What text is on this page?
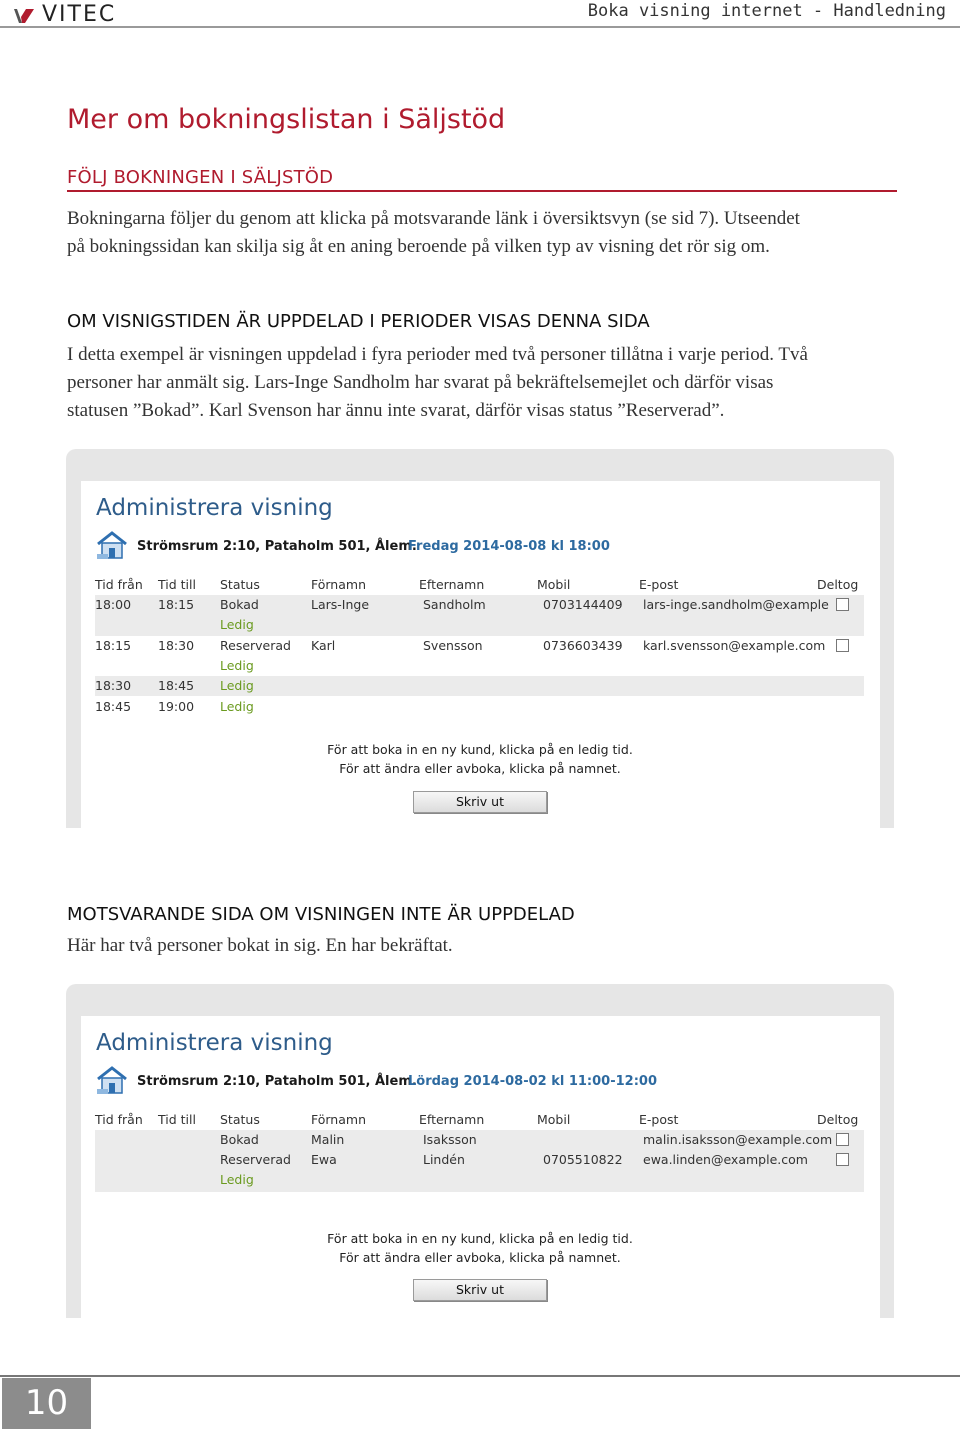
VITEC	Boka visning internet - Handledning
Mer om bokningslistan i Säljstöd
FÖLJ BOKNINGEN I SÄLJSTÖD
Bokningarna följer du genom att klicka på motsvarande länk i översiktsvyn (se sid 7). Utseendet
på bokningssidan kan skilja sig åt en aning beroende på vilken typ av visning det rör sig om.
OM VISNIGSTIDEN ÄR UPPDELAD I PERIODER VISAS DENNA SIDA
I detta exempel är visningen uppdelad i fyra perioder med två personer tillåtna i varje period. Två
personer har anmält sig. Lars-Inge Sandholm har svarat på bekräftelsemejlet och därför visas
statusen ”Bokad”. Karl Svenson har ännu inte svarat, därför visas status ”Reserverad”.
Administrera visning
Strömsrum 2:10, Pataholm 501, Ålem.
Fredag 2014-08-08 kl 18:00
Tid från Tid till Status	Förnamn	Efternamn	Mobil	E-post	Deltog
18:00 18:15 Bokad	Lars-Inge	Sandholm	0703144409 lars-inge.sandholm@example
Ledig
18:15 18:30 Reserverad Karl	Svensson	0736603439 karl.svensson@example.com
Ledig
18:30 18:45 Ledig
18:45 19:00 Ledig
För att boka in en ny kund, klicka på en ledig tid.
För att ändra eller avboka, klicka på namnet.
Skriv ut
MOTSVARANDE SIDA OM VISNINGEN INTE ÄR UPPDELAD
Här har två personer bokat in sig. En har bekräftat.
Administrera visning
Strömsrum 2:10, Pataholm 501, Ålem.
Lördag 2014-08-02 kl 11:00-12:00
Tid från Tid till Status	Förnamn	Efternamn	Mobil	E-post	Deltog
Bokad	Malin	Isaksson	malin.isaksson@example.com
Reserverad Ewa	Lindén	0705510822 ewa.linden@example.com
Ledig
För att boka in en ny kund, klicka på en ledig tid.
För att ändra eller avboka, klicka på namnet.
Skriv ut
10
